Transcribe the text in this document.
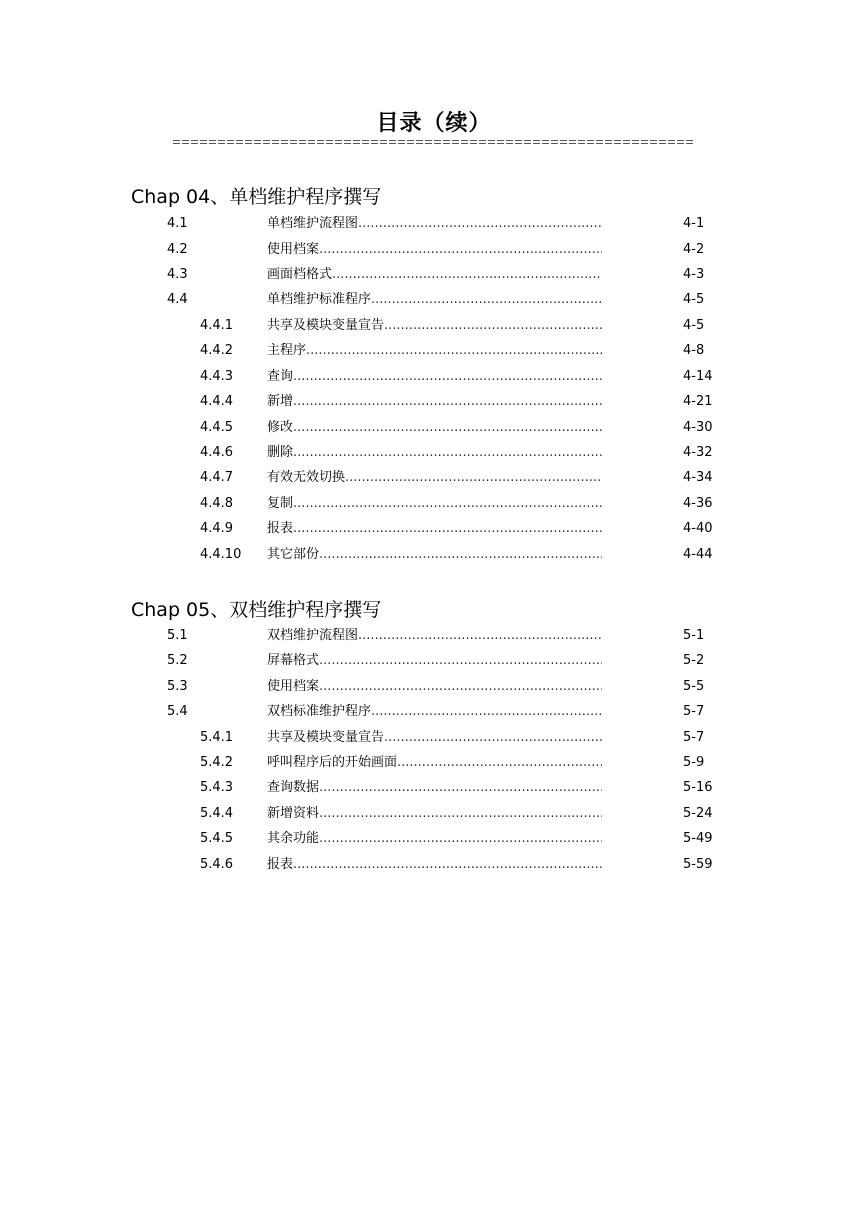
目录（续）
Chap 04、单档维护程序撰写
4.1	单档维护流程图 .....	4-1
4.2	使用档案 .....	4-2
4.3	画面档格式 .....	4-3
4.4	单档维护标准程序 .....	4-5
4.4.1	共享及模块变量宣告 .....	4-5
4.4.2	主程序 .....	4-8
4.4.3	查询 .....	4-14
4.4.4	新增 .....	4-21
4.4.5	修改 .....	4-30
4.4.6	删除 .....	4-32
4.4.7	有效无效切换 .....	4-34
4.4.8	复制 .....	4-36
4.4.9	报表 .....	4-40
4.4.10 其它部份 .....	4-44
Chap 05、双档维护程序撰写
5.1	双档维护流程图 .....	5-1
5.2	屏幕格式 .....	5-2
5.3	使用档案 .....	5-5
5.4	双档标准维护程序 .....	5-7
5.4.1	共享及模块变量宣告 .....	5-7
5.4.2	呼叫程序后的开始画面 .....	5-9
5.4.3	查询数据 .....	5-16
5.4.4	新增资料 .....	5-24
5.4.5	其余功能 .....	5-49
5.4.6	报表 .....	5-59
